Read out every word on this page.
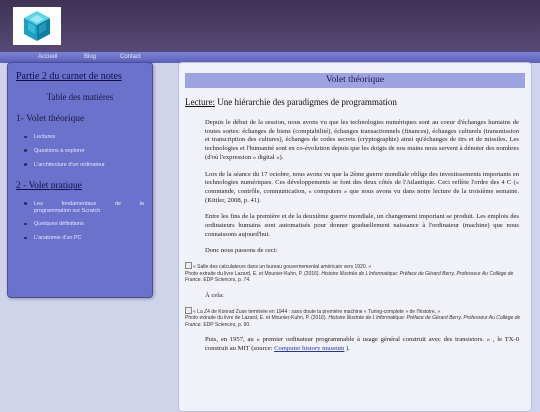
Accueil	Blog	Contact
Partie 2 du carnet de notes
Table des matières
1- Volet théorique
Lectures
Questions à explorer
L'architecture d'un ordinateur
2 - Volet pratique
Les	fondamentaux	de	la
programmation sur Scratch
Quelques définitions
L'anatomie d'un PC
Volet théorique
Lecture: Une hiérarchie des paradigmes de programmation

Depuis le début de la session, nous avons vu que les technologies numériques sont au coeur d'échanges humains de toutes sortes: échanges de biens (comptabilité), échanges transactionnels (finances), échanges culturels (transmission et transcription des cultures), échanges de codes secrets (cryptographie) ainsi qu'échanges de tirs et de missiles. Les technologies et l'humanité sont en co-évolution depuis que les doigts de nos mains nous servent à dénoter des nombres (d'où l'expression « digital »).

Lors de la séance du 17 octobre, nous avons vu que la 2ème guerre mondiale oblige des investissements importants en technologies numériques. Ces développements se font des deux côtés de l'Atlantique. Ceci reflète l'ordre des 4 C (« commande, contrôle, communication, « computers » que nous avons vu dans notre lecture de la troisième semaine. (Kittler, 2008, p. 41).

Entre les fins de la première et de la deuxième guerre mondiale, un changement important se produit. Les emplois des ordinateurs humains sont automatisés pour donner graduellement naissance à l'ordinateur (machine) que nous connaissons aujourd'hui.

Donc nous passons de ceci:

« Salle des calculateurs dans un bureau gouvernemental américain vers 1920. »
Photo extraite du livre Lazard, E. et Mounier-Kuhn, P. (2016). Histoire Illustrée de L'informatique: Préface de Gérard Berry, Professeur Au Collège de France. EDP Sciences, p. 74.

À cela:

« La Z4 de Konrad Zuse terminée en 1944 : sans doute la première machine « Turing-complete » de l'histoire. »
Photo extraite du livre de Lazard, E. et Mounier-Kuhn, P. (2016). Histoire Illustrée de L'informatique: Préface de Gérard Berry, Professeur Au Collège de France. EDP Sciences, p. 90.

Puis, en 1957, au « premier ordinateur programmable à usage général construit avec des transistors. » , le TX-0 construit au MIT (source: Computer history museum ).
